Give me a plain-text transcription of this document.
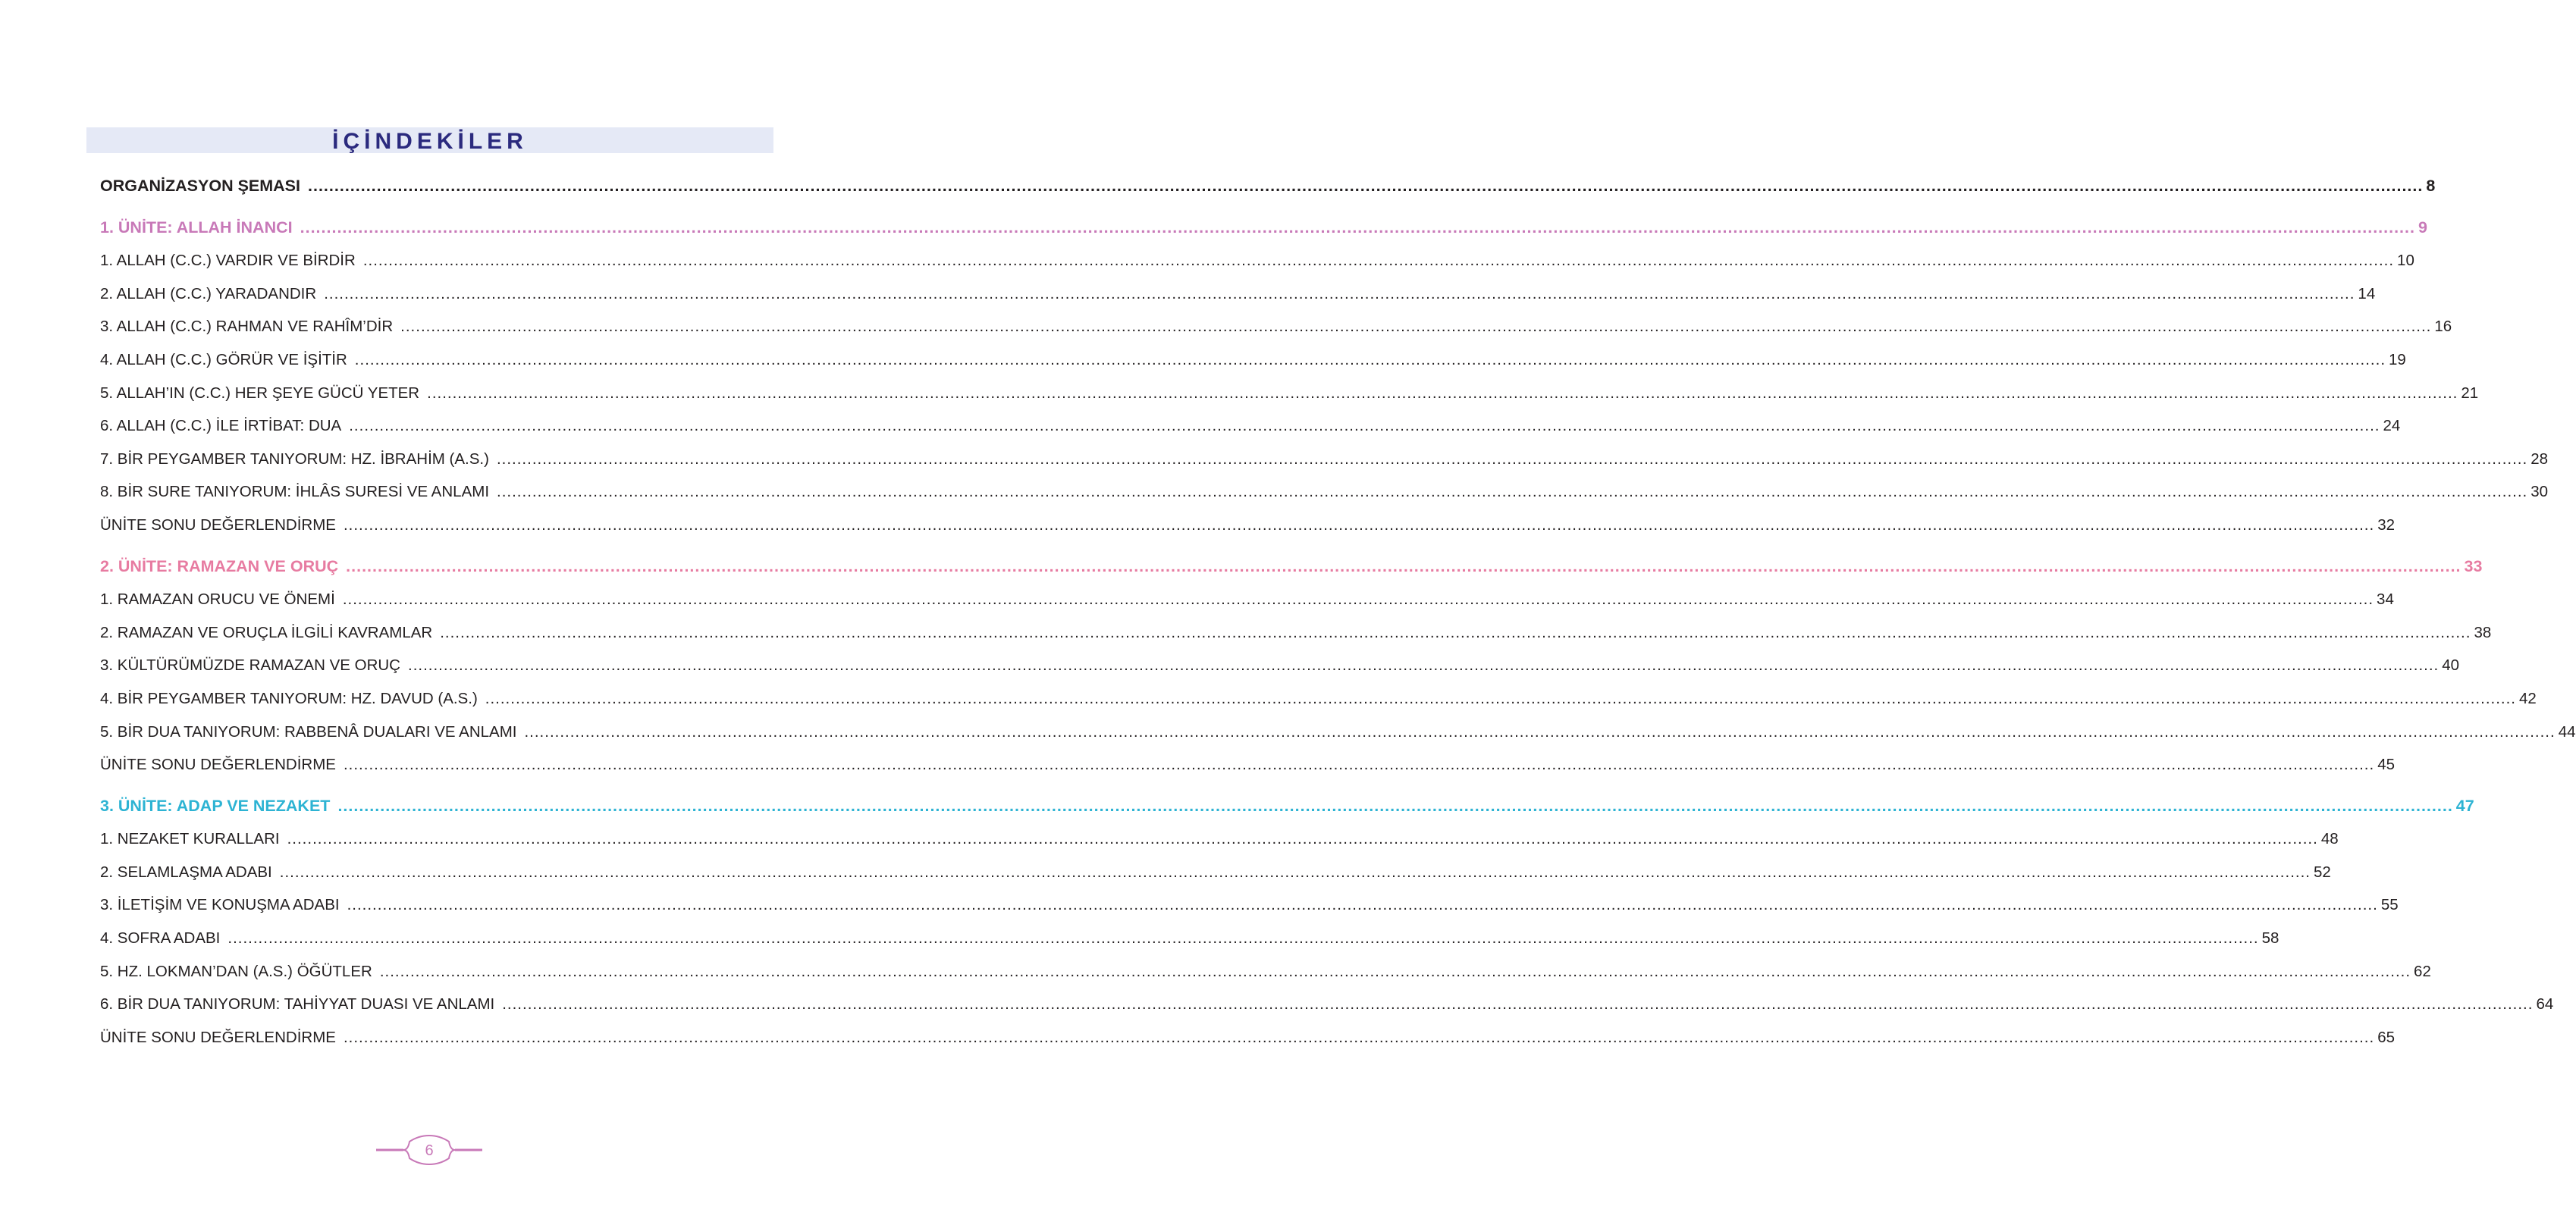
İÇİNDEKİLER
ORGANİZASYON ŞEMASI ................................................................................................................................................................................................................................................................................................................................................................................................................ 8
1. ÜNİTE: ALLAH İNANCI ................................................................................................................................................................................................................................................................................................................................................................................................................ 9
1. ALLAH (C.C.) VARDIR VE BİRDİR ................................................................................................................................................................................................................................................................................................................................................................................................................ 10
2. ALLAH (C.C.) YARADANDIR ................................................................................................................................................................................................................................................................................................................................................................................................................ 14
3. ALLAH (C.C.) RAHMAN VE RAHÎM’DİR ................................................................................................................................................................................................................................................................................................................................................................................................................ 16
4. ALLAH (C.C.) GÖRÜR VE İŞİTİR ................................................................................................................................................................................................................................................................................................................................................................................................................ 19
5. ALLAH’IN (C.C.) HER ŞEYE GÜCÜ YETER ................................................................................................................................................................................................................................................................................................................................................................................................................ 21
6. ALLAH (C.C.) İLE İRTİBAT: DUA ................................................................................................................................................................................................................................................................................................................................................................................................................ 24
7. BİR PEYGAMBER TANIYORUM: HZ. İBRAHİM (A.S.) ................................................................................................................................................................................................................................................................................................................................................................................................................ 28
8. BİR SURE TANIYORUM: İHLÂS SURESİ VE ANLAMI ................................................................................................................................................................................................................................................................................................................................................................................................................ 30
ÜNİTE SONU DEĞERLENDİRME ................................................................................................................................................................................................................................................................................................................................................................................................................ 32
2. ÜNİTE: RAMAZAN VE ORUÇ ................................................................................................................................................................................................................................................................................................................................................................................................................ 33
1. RAMAZAN ORUCU VE ÖNEMİ ................................................................................................................................................................................................................................................................................................................................................................................................................ 34
2. RAMAZAN VE ORUÇLA İLGİLİ KAVRAMLAR ................................................................................................................................................................................................................................................................................................................................................................................................................ 38
3. KÜLTÜRÜMÜZDE RAMAZAN VE ORUÇ ................................................................................................................................................................................................................................................................................................................................................................................................................ 40
4. BİR PEYGAMBER TANIYORUM: HZ. DAVUD (A.S.) ................................................................................................................................................................................................................................................................................................................................................................................................................ 42
5. BİR DUA TANIYORUM: RABBENÂ DUALARI VE ANLAMI ................................................................................................................................................................................................................................................................................................................................................................................................................ 44
ÜNİTE SONU DEĞERLENDİRME ................................................................................................................................................................................................................................................................................................................................................................................................................ 45
3. ÜNİTE: ADAP VE NEZAKET ................................................................................................................................................................................................................................................................................................................................................................................................................ 47
1. NEZAKET KURALLARI ................................................................................................................................................................................................................................................................................................................................................................................................................ 48
2. SELAMLAŞMA ADABI ................................................................................................................................................................................................................................................................................................................................................................................................................ 52
3. İLETİŞİM VE KONUŞMA ADABI ................................................................................................................................................................................................................................................................................................................................................................................................................ 55
4. SOFRA ADABI ................................................................................................................................................................................................................................................................................................................................................................................................................ 58
5. HZ. LOKMAN’DAN (A.S.) ÖĞÜTLER ................................................................................................................................................................................................................................................................................................................................................................................................................ 62
6. BİR DUA TANIYORUM: TAHİYYAT DUASI VE ANLAMI ................................................................................................................................................................................................................................................................................................................................................................................................................ 64
ÜNİTE SONU DEĞERLENDİRME ................................................................................................................................................................................................................................................................................................................................................................................................................ 65
6
